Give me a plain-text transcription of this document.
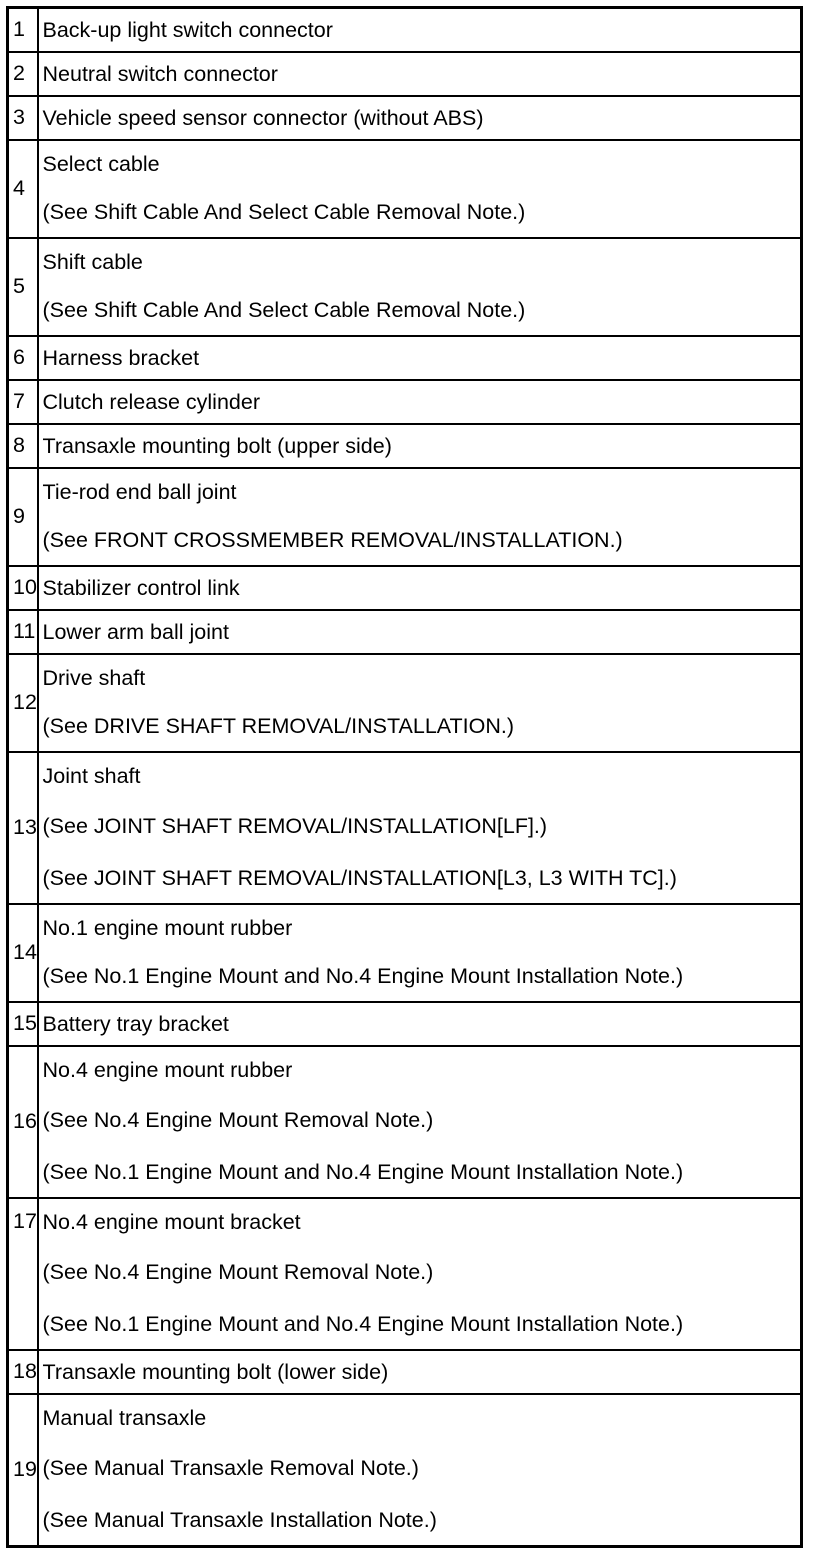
1	Back-up light switch connector

2	Neutral switch connector

3	Vehicle speed sensor connector (without ABS)

4	Select cable
(See Shift Cable And Select Cable Removal Note.)

5	Shift cable
(See Shift Cable And Select Cable Removal Note.)

6	Harness bracket

7	Clutch release cylinder

8	Transaxle mounting bolt (upper side)

9	Tie-rod end ball joint
(See FRONT CROSSMEMBER REMOVAL/INSTALLATION.)

10	Stabilizer control link

11	Lower arm ball joint

12	Drive shaft
(See DRIVE SHAFT REMOVAL/INSTALLATION.)

13	Joint shaft
(See JOINT SHAFT REMOVAL/INSTALLATION[LF].)
(See JOINT SHAFT REMOVAL/INSTALLATION[L3, L3 WITH TC].)

14	No.1 engine mount rubber
(See No.1 Engine Mount and No.4 Engine Mount Installation Note.)

15	Battery tray bracket

16	No.4 engine mount rubber
(See No.4 Engine Mount Removal Note.)
(See No.1 Engine Mount and No.4 Engine Mount Installation Note.)

17	No.4 engine mount bracket
(See No.4 Engine Mount Removal Note.)
(See No.1 Engine Mount and No.4 Engine Mount Installation Note.)

18	Transaxle mounting bolt (lower side)

19	Manual transaxle
(See Manual Transaxle Removal Note.)
(See Manual Transaxle Installation Note.)
